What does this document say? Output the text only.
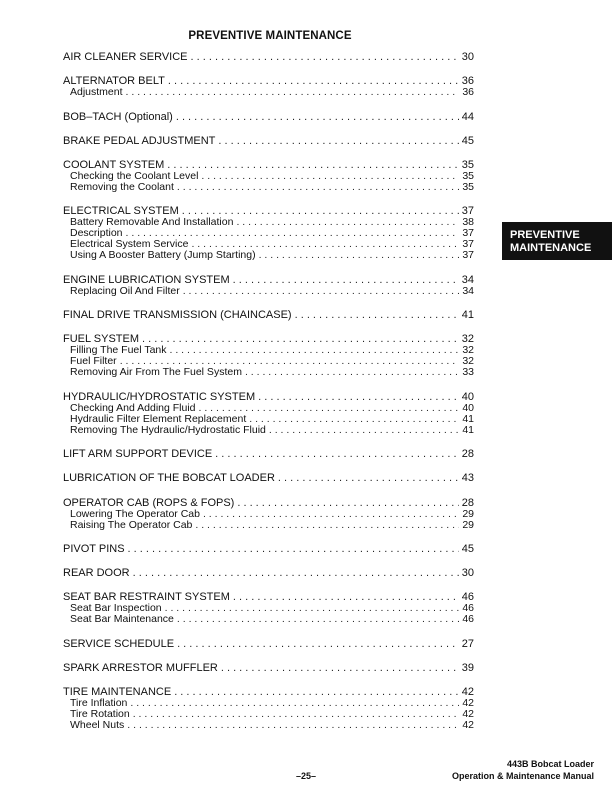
PREVENTIVE MAINTENANCE
AIR CLEANER SERVICE . . .	30
ALTERNATOR BELT . . .	36
Adjustment . . .	36
BOB–TACH (Optional) . . .	44
BRAKE PEDAL ADJUSTMENT . . .	45
COOLANT SYSTEM . . .	35
Checking the Coolant Level . . .	35
Removing the Coolant . . .	35
ELECTRICAL SYSTEM . . .	37
Battery Removable And Installation . . .	38
Description . . .	37
Electrical System Service . . .	37
Using A Booster Battery (Jump Starting) . . .	37
ENGINE LUBRICATION SYSTEM . . .	34
Replacing Oil And Filter . . .	34
FINAL DRIVE TRANSMISSION (CHAINCASE) . . .	41
FUEL SYSTEM . . .	32
Filling The Fuel Tank . . .	32
Fuel Filter . . .	32
Removing Air From The Fuel System . . .	33
HYDRAULIC/HYDROSTATIC SYSTEM . . .	40
Checking And Adding Fluid . . .	40
Hydraulic Filter Element Replacement . . .	41
Removing The Hydraulic/Hydrostatic Fluid . . .	41
LIFT ARM SUPPORT DEVICE . . .	28
LUBRICATION OF THE BOBCAT LOADER . . .	43
OPERATOR CAB (ROPS & FOPS) . . .	28
Lowering The Operator Cab . . .	29
Raising The Operator Cab . . .	29
PIVOT PINS . . .	45
REAR DOOR . . .	30
SEAT BAR RESTRAINT SYSTEM . . .	46
Seat Bar Inspection . . .	46
Seat Bar Maintenance . . .	46
SERVICE SCHEDULE . . .	27
SPARK ARRESTOR MUFFLER . . .	39
TIRE MAINTENANCE . . .	42
Tire Inflation . . .	42
Tire Rotation . . .	42
Wheel Nuts . . .	42
PREVENTIVE
MAINTENANCE
–25–
443B Bobcat Loader
Operation & Maintenance Manual
